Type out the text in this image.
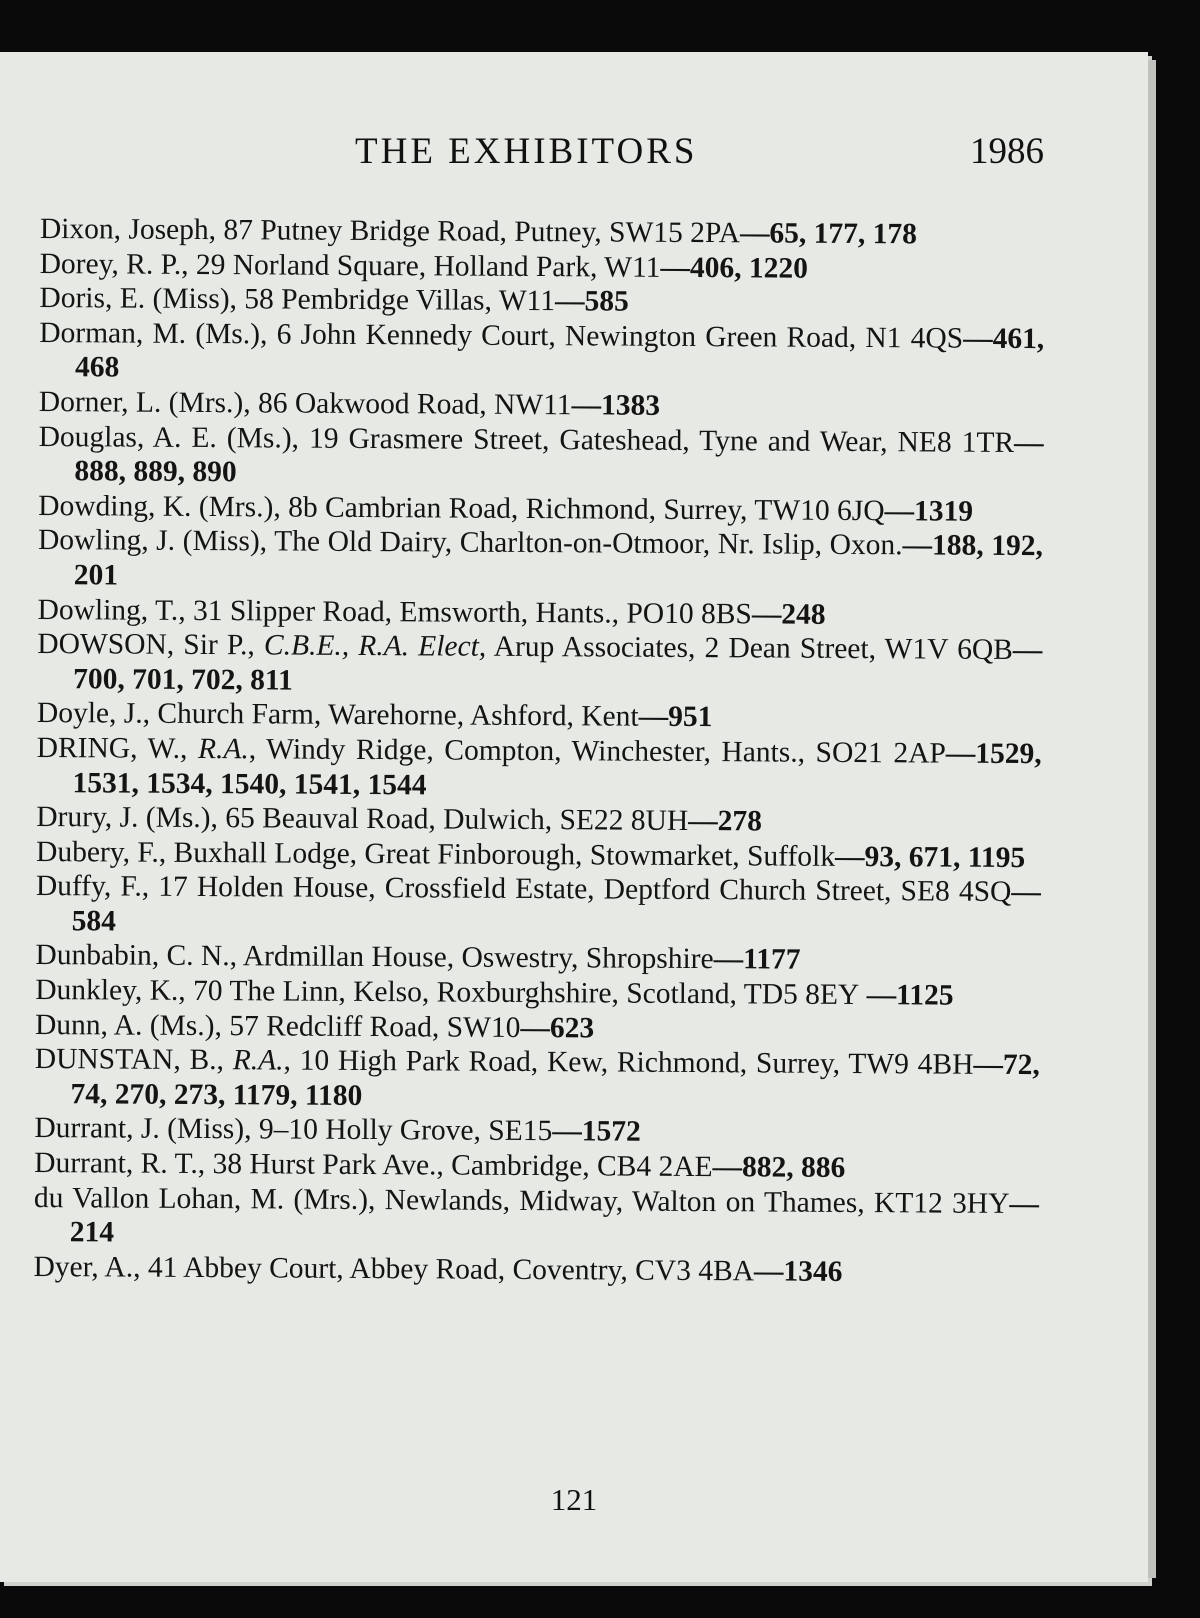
THE EXHIBITORS	1986

Dixon, Joseph, 87 Putney Bridge Road, Putney, SW15 2PA—65, 177, 178

Dorey, R. P., 29 Norland Square, Holland Park, W11—406, 1220

Doris, E. (Miss), 58 Pembridge Villas, W11—585

Dorman, M. (Ms.), 6 John Kennedy Court, Newington Green Road, N1 4QS—461, 468

Dorner, L. (Mrs.), 86 Oakwood Road, NW11—1383

Douglas, A. E. (Ms.), 19 Grasmere Street, Gateshead, Tyne and Wear, NE8 1TR—888, 889, 890

Dowding, K. (Mrs.), 8b Cambrian Road, Richmond, Surrey, TW10 6JQ—1319

Dowling, J. (Miss), The Old Dairy, Charlton-on-Otmoor, Nr. Islip, Oxon.—188, 192, 201

Dowling, T., 31 Slipper Road, Emsworth, Hants., PO10 8BS—248

DOWSON, Sir P., C.B.E., R.A. Elect, Arup Associates, 2 Dean Street, W1V 6QB—700, 701, 702, 811

Doyle, J., Church Farm, Warehorne, Ashford, Kent—951

DRING, W., R.A., Windy Ridge, Compton, Winchester, Hants., SO21 2AP—1529, 1531, 1534, 1540, 1541, 1544

Drury, J. (Ms.), 65 Beauval Road, Dulwich, SE22 8UH—278

Dubery, F., Buxhall Lodge, Great Finborough, Stowmarket, Suffolk—93, 671, 1195

Duffy, F., 17 Holden House, Crossfield Estate, Deptford Church Street, SE8 4SQ—584

Dunbabin, C. N., Ardmillan House, Oswestry, Shropshire—1177

Dunkley, K., 70 The Linn, Kelso, Roxburghshire, Scotland, TD5 8EY —1125

Dunn, A. (Ms.), 57 Redcliff Road, SW10—623

DUNSTAN, B., R.A., 10 High Park Road, Kew, Richmond, Surrey, TW9 4BH—72, 74, 270, 273, 1179, 1180

Durrant, J. (Miss), 9–10 Holly Grove, SE15—1572

Durrant, R. T., 38 Hurst Park Ave., Cambridge, CB4 2AE—882, 886

du Vallon Lohan, M. (Mrs.), Newlands, Midway, Walton on Thames, KT12 3HY—214

Dyer, A., 41 Abbey Court, Abbey Road, Coventry, CV3 4BA—1346

121
